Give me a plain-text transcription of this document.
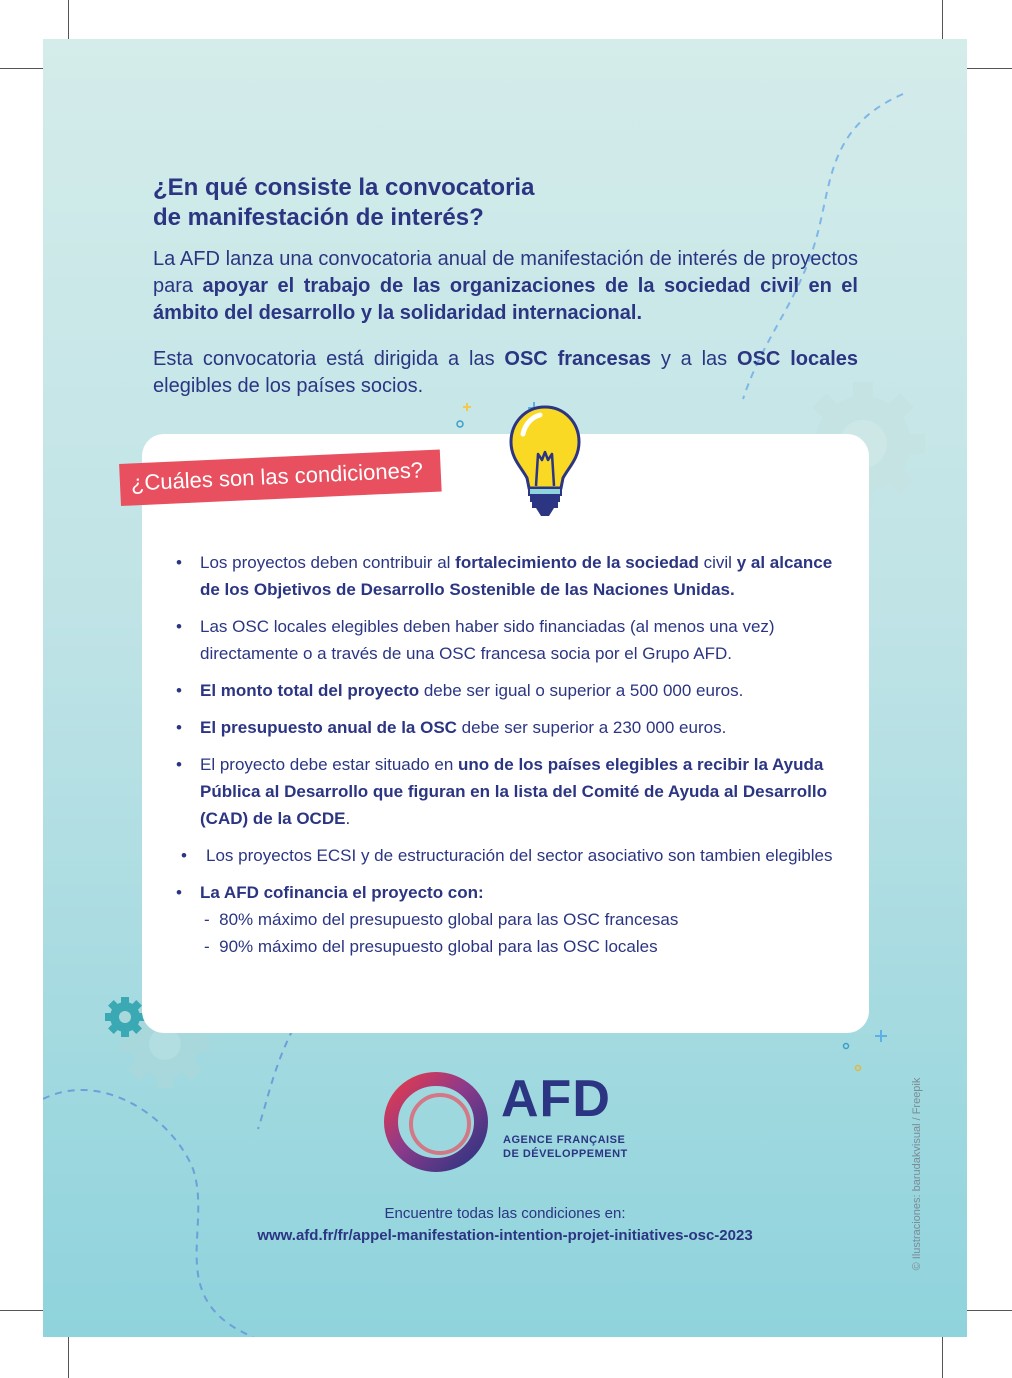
¿En qué consiste la convocatoria
de manifestación de interés?

La AFD lanza una convocatoria anual de manifestación de interés de proyectos para apoyar el trabajo de las organizaciones de la sociedad civil en el ámbito del desarrollo y la solidaridad internacional.

Esta convocatoria está dirigida a las OSC francesas y a las OSC locales elegibles de los países socios.

¿Cuáles son las condiciones?
• Los proyectos deben contribuir al fortalecimiento de la sociedad civil y al alcance de los Objetivos de Desarrollo Sostenible de las Naciones Unidas.
• Las OSC locales elegibles deben haber sido financiadas (al menos una vez) directamente o a través de una OSC francesa socia por el Grupo AFD.
• El monto total del proyecto debe ser igual o superior a 500 000 euros.
• El presupuesto anual de la OSC debe ser superior a 230 000 euros.
• El proyecto debe estar situado en uno de los países elegibles a recibir la Ayuda Pública al Desarrollo que figuran en la lista del Comité de Ayuda al Desarrollo (CAD) de la OCDE.
• Los proyectos ECSI y de estructuración del sector asociativo son tambien elegibles
• La AFD cofinancia el proyecto con:
- 80% máximo del presupuesto global para las OSC francesas
- 90% máximo del presupuesto global para las OSC locales
AFD
AGENCE FRANÇAISE
DE DÉVELOPPEMENT

Encuentre todas las condiciones en:

www.afd.fr/fr/appel-manifestation-intention-projet-initiatives-osc-2023	© Ilustraciones: barudakvisual / Freepik
